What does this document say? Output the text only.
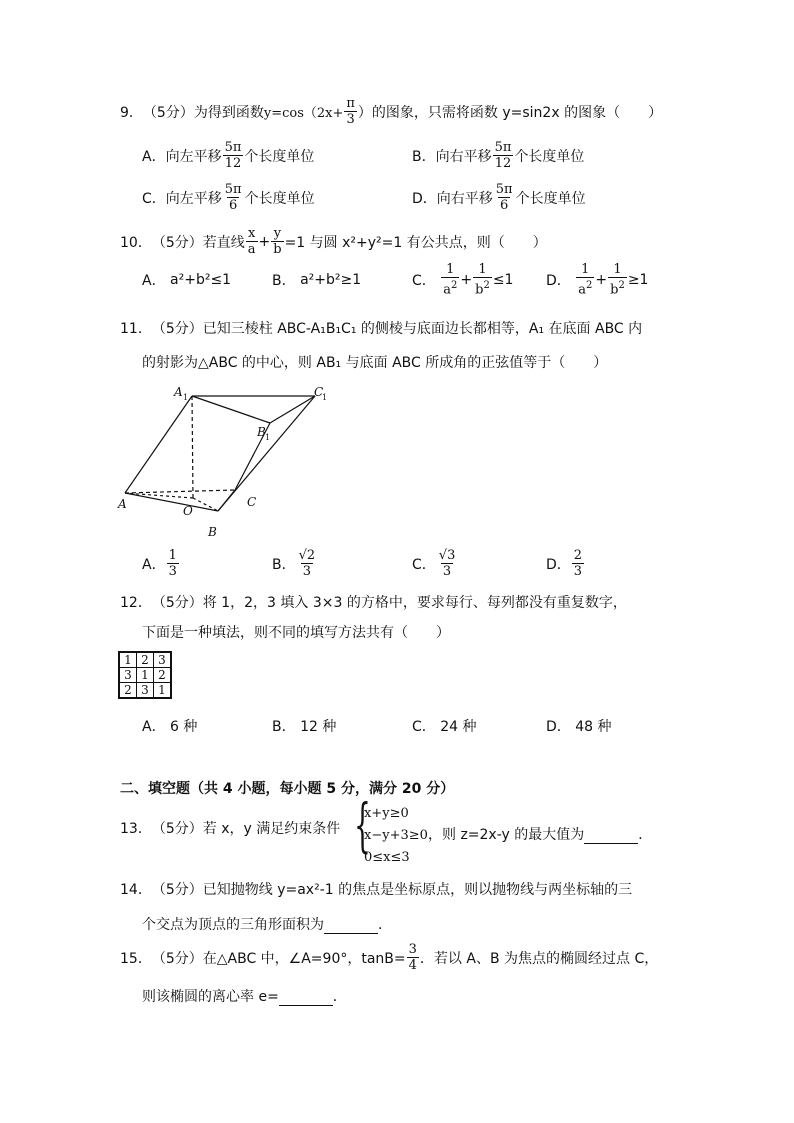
9． （5分） 为得到函数 $y=\cos(2x+ \frac{\pi}{3}$ ）的图象，只需将函数 y=sin2x 的图象（　　）
A． 向左平移 $\frac{5\pi}{12}$ 个长度单位	B． 向右平移 $\frac{5\pi}{12}$ 个长度单位
C． 向左平移 $\frac{5\pi}{6}$ 个长度单位	D． 向右平移 $\frac{5\pi}{6}$ 个长度单位
10． （5分） 若直线 $\frac{x}{a} + \frac{y}{b} =1$ 与圆 x²+y²=1 有公共点，则（　　）
A．
a²+b²≤1	B．
a²+b²≥1	C．
$\frac{1}{a^2} + \frac{1}{b^2} \le 1$ D．
$\frac{1}{a^2} + \frac{1}{b^2} \ge 1$
11． （5分） 已知三棱柱 ABC-A₁B₁C₁ 的侧棱与底面边长都相等，A₁ 在底面 ABC 内
的射影为△ABC 的中心，则 AB₁ 与底面 ABC 所成角的正弦值等于（　　）
A 1	C
1
B 1
A	C
B
O
A． $\frac{1}{3}$	B． $\frac{√2}{3}$	C． $\frac{√3}{3}$	D． $\frac{2}{3}$
12． （5分） 将 1，2，3 填入 3×3 的方格中，要求每行、每列都没有重复数字，
下面是一种填法，则不同的填写方法共有（　　）
1	2	3
3	1	2
2	3	1
A．
6 种	B．
12 种	C．
24 种	D．
48 种
二、填空题（共 4 小题，每小题 5 分，满分 20 分）
13． （5分） 若 x，y 满足约束条件 {
x+y≥0
x−y+3≥0
0≤x≤3
，则 z=2x-y 的最大值为	．
14． （5分） 已知抛物线 y=ax²-1 的焦点是坐标原点，则以抛物线与两坐标轴的三
个交点为顶点的三角形面积为	．
15． （5分） 在△ABC 中，∠A=90°，$\tan B= \frac{3}{4}$ ．若以 A、B 为焦点的椭圆经过点 C，
则该椭圆的离心率 e=	．
